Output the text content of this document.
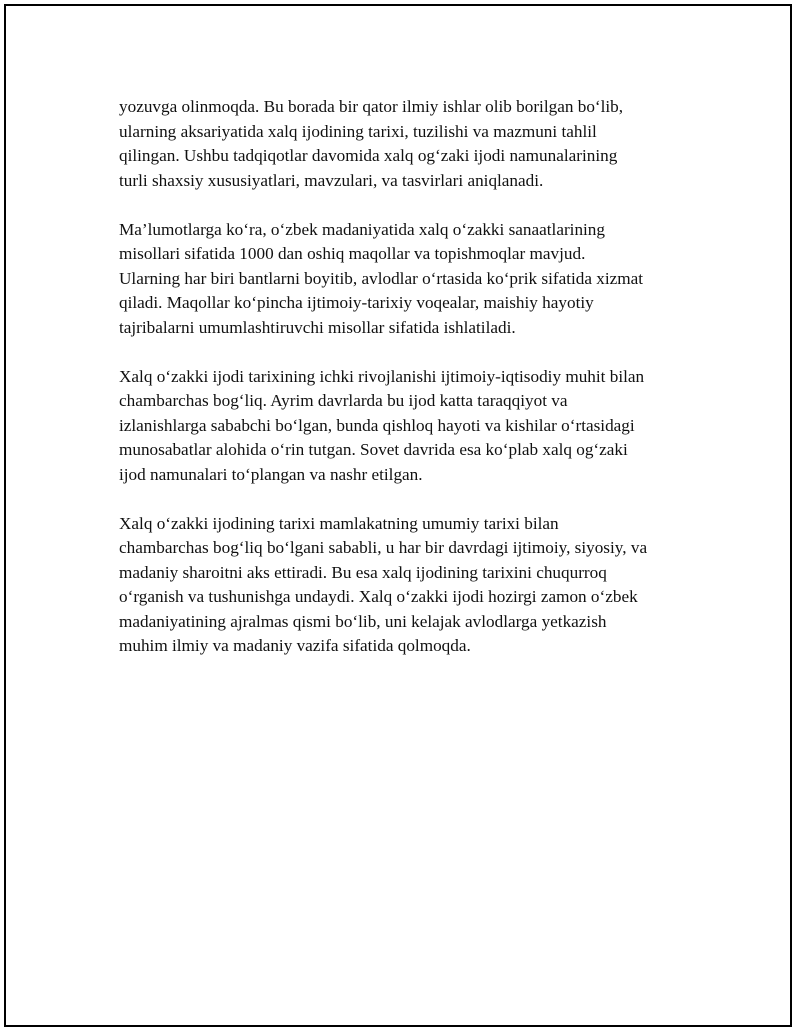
yozuvga olinmoqda. Bu borada bir qator ilmiy ishlar olib borilgan bo‘lib,
ularning aksariyatida xalq ijodining tarixi, tuzilishi va mazmuni tahlil
qilingan. Ushbu tadqiqotlar davomida xalq og‘zaki ijodi namunalarining
turli shaxsiy xususiyatlari, mavzulari, va tasvirlari aniqlanadi.

Ma’lumotlarga ko‘ra, o‘zbek madaniyatida xalq o‘zakki sanaatlarining
misollari sifatida 1000 dan oshiq maqollar va topishmoqlar mavjud.
Ularning har biri bantlarni boyitib, avlodlar o‘rtasida ko‘prik sifatida xizmat
qiladi. Maqollar ko‘pincha ijtimoiy-tarixiy voqealar, maishiy hayotiy
tajribalarni umumlashtiruvchi misollar sifatida ishlatiladi.

Xalq o‘zakki ijodi tarixining ichki rivojlanishi ijtimoiy-iqtisodiy muhit bilan
chambarchas bog‘liq. Ayrim davrlarda bu ijod katta taraqqiyot va
izlanishlarga sababchi bo‘lgan, bunda qishloq hayoti va kishilar o‘rtasidagi
munosabatlar alohida o‘rin tutgan. Sovet davrida esa ko‘plab xalq og‘zaki
ijod namunalari to‘plangan va nashr etilgan.

Xalq o‘zakki ijodining tarixi mamlakatning umumiy tarixi bilan
chambarchas bog‘liq bo‘lgani sababli, u har bir davrdagi ijtimoiy, siyosiy, va
madaniy sharoitni aks ettiradi. Bu esa xalq ijodining tarixini chuqurroq
o‘rganish va tushunishga undaydi. Xalq o‘zakki ijodi hozirgi zamon o‘zbek
madaniyatining ajralmas qismi bo‘lib, uni kelajak avlodlarga yetkazish
muhim ilmiy va madaniy vazifa sifatida qolmoqda.
